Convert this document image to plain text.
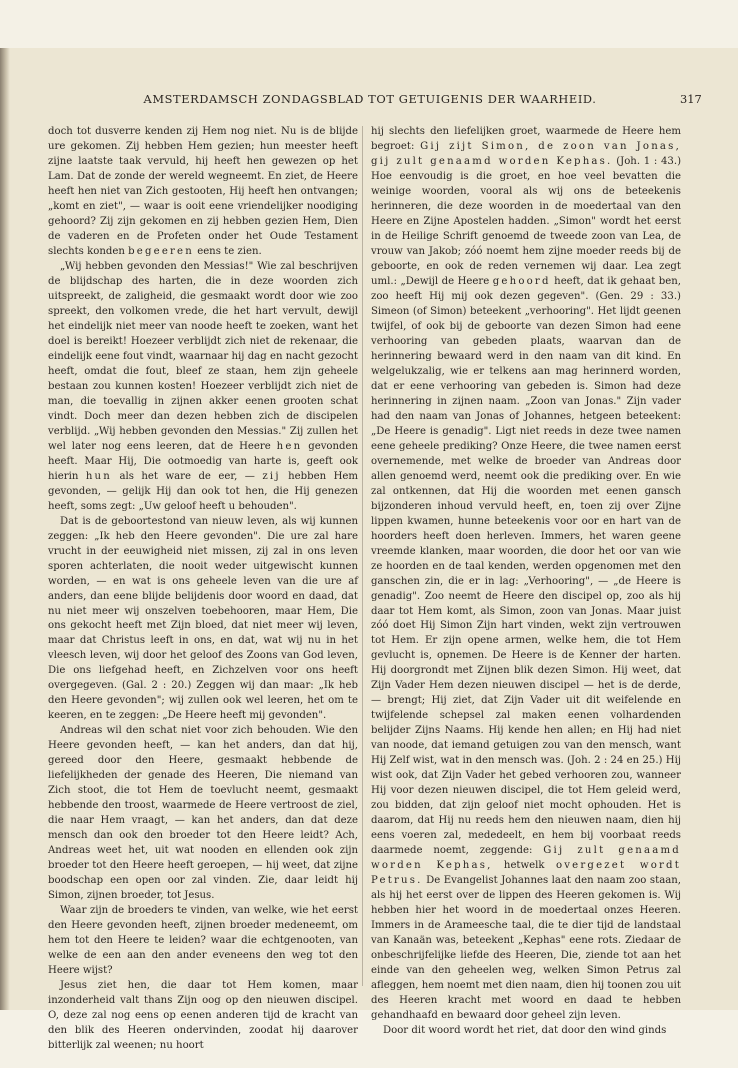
AMSTERDAMSCH ZONDAGSBLAD TOT GETUIGENIS DER WAARHEID.	317

doch tot dusverre kenden zij Hem nog niet. Nu is de blijde ure gekomen. Zij hebben Hem gezien; hun meester heeft zijne laatste taak vervuld, hij heeft hen gewezen op het Lam. Dat de zonde der wereld wegneemt. En ziet, de Heere heeft hen niet van Zich gestooten, Hij heeft hen ontvangen; „komt en ziet", — waar is ooit eene vriendelijker noodiging gehoord? Zij zijn gekomen en zij hebben gezien Hem, Dien de vaderen en de Profeten onder het Oude Testament slechts konden begeeren eens te zien.

„Wij hebben gevonden den Messias!" Wie zal beschrijven de blijdschap des harten, die in deze woorden zich uitspreekt, de zaligheid, die gesmaakt wordt door wie zoo spreekt, den volkomen vrede, die het hart vervult, dewijl het eindelijk niet meer van noode heeft te zoeken, want het doel is bereikt! Hoezeer verblijdt zich niet de rekenaar, die eindelijk eene fout vindt, waarnaar hij dag en nacht gezocht heeft, omdat die fout, bleef ze staan, hem zijn geheele bestaan zou kunnen kosten! Hoezeer verblijdt zich niet de man, die toevallig in zijnen akker eenen grooten schat vindt. Doch meer dan dezen hebben zich de discipelen verblijd. „Wij hebben gevonden den Messias." Zij zullen het wel later nog eens leeren, dat de Heere hen gevonden heeft. Maar Hij, Die ootmoedig van harte is, geeft ook hierin hun als het ware de eer, — zij hebben Hem gevonden, — gelijk Hij dan ook tot hen, die Hij genezen heeft, soms zegt: „Uw geloof heeft u behouden".

Dat is de geboortestond van nieuw leven, als wij kunnen zeggen: „Ik heb den Heere gevonden". Die ure zal hare vrucht in der eeuwigheid niet missen, zij zal in ons leven sporen achterlaten, die nooit weder uitgewischt kunnen worden, — en wat is ons geheele leven van die ure af anders, dan eene blijde belijdenis door woord en daad, dat nu niet meer wij onszelven toebehooren, maar Hem, Die ons gekocht heeft met Zijn bloed, dat niet meer wij leven, maar dat Christus leeft in ons, en dat, wat wij nu in het vleesch leven, wij door het geloof des Zoons van God leven, Die ons liefgehad heeft, en Zichzelven voor ons heeft overgegeven. (Gal. 2 : 20.) Zeggen wij dan maar: „Ik heb den Heere gevonden"; wij zullen ook wel leeren, het om te keeren, en te zeggen: „De Heere heeft mij gevonden".

Andreas wil den schat niet voor zich behouden. Wie den Heere gevonden heeft, — kan het anders, dan dat hij, gereed door den Heere, gesmaakt hebbende de liefelijkheden der genade des Heeren, Die niemand van Zich stoot, die tot Hem de toevlucht neemt, gesmaakt hebbende den troost, waarmede de Heere vertroost de ziel, die naar Hem vraagt, — kan het anders, dan dat deze mensch dan ook den broeder tot den Heere leidt? Ach, Andreas weet het, uit wat nooden en ellenden ook zijn broeder tot den Heere heeft geroepen, — hij weet, dat zijne boodschap een open oor zal vinden. Zie, daar leidt hij Simon, zijnen broeder, tot Jesus.

Waar zijn de broeders te vinden, van welke, wie het eerst den Heere gevonden heeft, zijnen broeder medeneemt, om hem tot den Heere te leiden? waar die echtgenooten, van welke de een aan den ander eveneens den weg tot den Heere wijst?

Jesus ziet hen, die daar tot Hem komen, maar inzonderheid valt thans Zijn oog op den nieuwen discipel. O, deze zal nog eens op eenen anderen tijd de kracht van den blik des Heeren ondervinden, zoodat hij daarover bitterlijk zal weenen; nu hoort

hij slechts den liefelijken groet, waarmede de Heere hem begroet: Gij zijt Simon, de zoon van Jonas, gij zult genaamd worden Kephas. (Joh. 1 : 43.) Hoe eenvoudig is die groet, en hoe veel bevatten die weinige woorden, vooral als wij ons de beteekenis herinneren, die deze woorden in de moedertaal van den Heere en Zijne Apostelen hadden. „Simon" wordt het eerst in de Heilige Schrift genoemd de tweede zoon van Lea, de vrouw van Jakob; zóó noemt hem zijne moeder reeds bij de geboorte, en ook de reden vernemen wij daar. Lea zegt uml.: „Dewijl de Heere gehoord heeft, dat ik gehaat ben, zoo heeft Hij mij ook dezen gegeven". (Gen. 29 : 33.) Simeon (of Simon) beteekent „verhooring". Het lijdt geenen twijfel, of ook bij de geboorte van dezen Simon had eene verhooring van gebeden plaats, waarvan dan de herinnering bewaard werd in den naam van dit kind. En welgelukzalig, wie er telkens aan mag herinnerd worden, dat er eene verhooring van gebeden is. Simon had deze herinnering in zijnen naam. „Zoon van Jonas." Zijn vader had den naam van Jonas of Johannes, hetgeen beteekent: „De Heere is genadig". Ligt niet reeds in deze twee namen eene geheele prediking? Onze Heere, die twee namen eerst overnemende, met welke de broeder van Andreas door allen genoemd werd, neemt ook die prediking over. En wie zal ontkennen, dat Hij die woorden met eenen gansch bijzonderen inhoud vervuld heeft, en, toen zij over Zijne lippen kwamen, hunne beteekenis voor oor en hart van de hoorders heeft doen herleven. Immers, het waren geene vreemde klanken, maar woorden, die door het oor van wie ze hoorden en de taal kenden, werden opgenomen met den ganschen zin, die er in lag: „Verhooring", — „de Heere is genadig". Zoo neemt de Heere den discipel op, zoo als hij daar tot Hem komt, als Simon, zoon van Jonas. Maar juist zóó doet Hij Simon Zijn hart vinden, wekt zijn vertrouwen tot Hem. Er zijn opene armen, welke hem, die tot Hem gevlucht is, opnemen. De Heere is de Kenner der harten. Hij doorgrondt met Zijnen blik dezen Simon. Hij weet, dat Zijn Vader Hem dezen nieuwen discipel — het is de derde, — brengt; Hij ziet, dat Zijn Vader uit dit weifelende en twijfelende schepsel zal maken eenen volhardenden belijder Zijns Naams. Hij kende hen allen; en Hij had niet van noode, dat iemand getuigen zou van den mensch, want Hij Zelf wist, wat in den mensch was. (Joh. 2 : 24 en 25.) Hij wist ook, dat Zijn Vader het gebed verhooren zou, wanneer Hij voor dezen nieuwen discipel, die tot Hem geleid werd, zou bidden, dat zijn geloof niet mocht ophouden. Het is daarom, dat Hij nu reeds hem den nieuwen naam, dien hij eens voeren zal, mededeelt, en hem bij voorbaat reeds daarmede noemt, zeggende: Gij zult genaamd worden Kephas, hetwelk overgezet wordt Petrus. De Evangelist Johannes laat den naam zoo staan, als hij het eerst over de lippen des Heeren gekomen is. Wij hebben hier het woord in de moedertaal onzes Heeren. Immers in de Arameesche taal, die te dier tijd de landstaal van Kanaän was, beteekent „Kephas" eene rots. Ziedaar de onbeschrijfelijke liefde des Heeren, Die, ziende tot aan het einde van den geheelen weg, welken Simon Petrus zal afleggen, hem noemt met dien naam, dien hij toonen zou uit des Heeren kracht met woord en daad te hebben gehandhaafd en bewaard door geheel zijn leven.

Door dit woord wordt het riet, dat door den wind ginds
